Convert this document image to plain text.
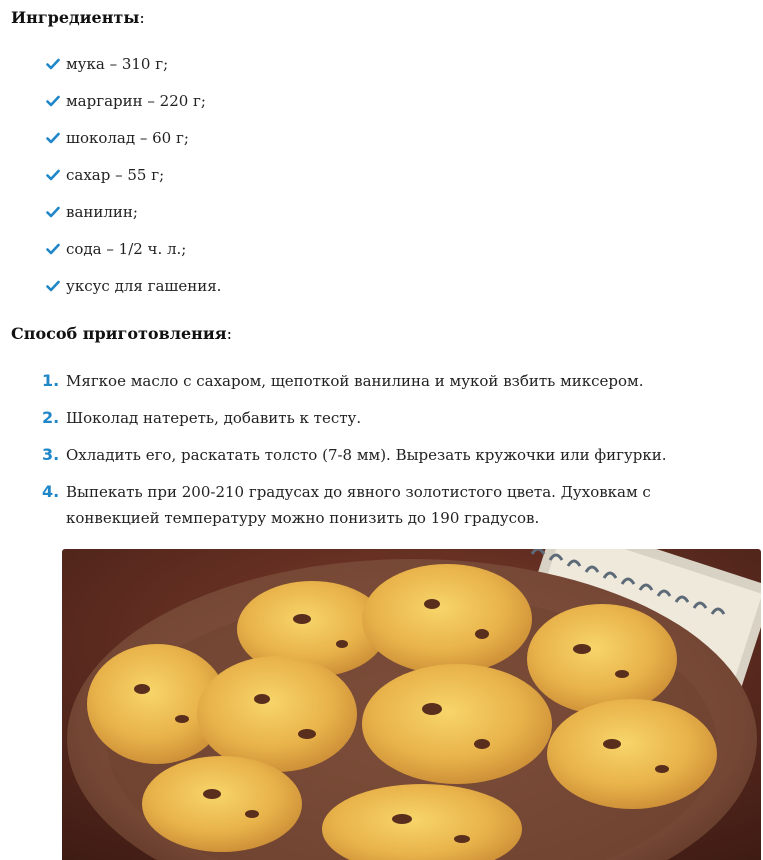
Ингредиенты:
мука – 310 г;
маргарин – 220 г;
шоколад – 60 г;
сахар – 55 г;
ванилин;
сода – 1/2 ч. л.;
уксус для гашения.
Способ приготовления:
1. Мягкое масло с сахаром, щепоткой ванилина и мукой взбить миксером.
2. Шоколад натереть, добавить к тесту.
3. Охладить его, раскатать толсто (7-8 мм). Вырезать кружочки или фигурки.
4. Выпекать при 200-210 градусах до явного золотистого цвета. Духовкам с конвекцией температуру можно понизить до 190 градусов.
